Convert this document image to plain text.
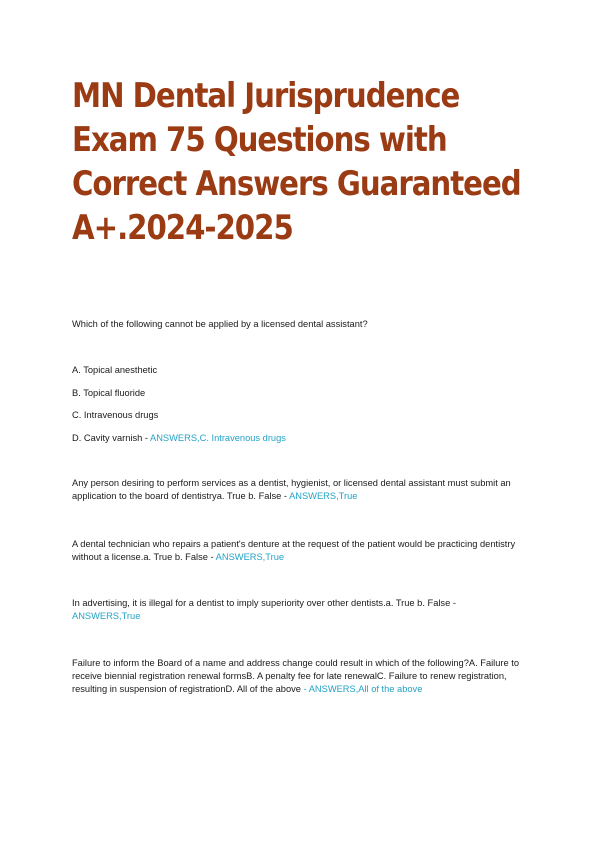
MN Dental Jurisprudence Exam 75 Questions with Correct Answers Guaranteed A+.2024-2025

Which of the following cannot be applied by a licensed dental assistant?

A. Topical anesthetic

B. Topical fluoride

C. Intravenous drugs

D. Cavity varnish - ANSWERS,C. Intravenous drugs

Any person desiring to perform services as a dentist, hygienist, or licensed dental assistant must submit an application to the board of dentistrya. True b. False - ANSWERS,True

A dental technician who repairs a patient's denture at the request of the patient would be practicing dentistry without a license.a. True b. False - ANSWERS,True

In advertising, it is illegal for a dentist to imply superiority over other dentists.a. True b. False - ANSWERS,True

Failure to inform the Board of a name and address change could result in which of the following?A. Failure to receive biennial registration renewal formsB. A penalty fee for late renewalC. Failure to renew registration, resulting in suspension of registrationD. All of the above - ANSWERS,All of the above
